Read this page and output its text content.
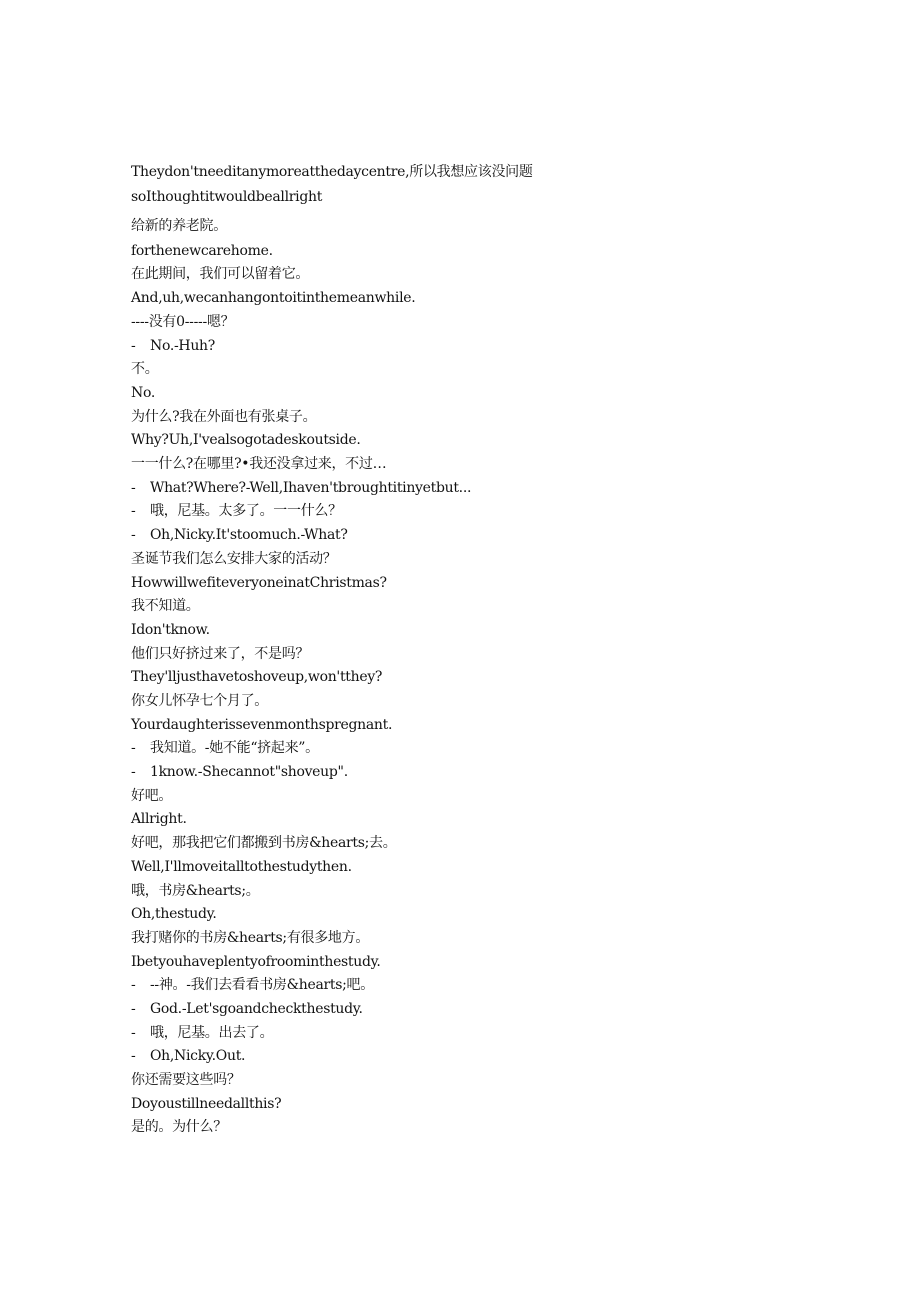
Theydon'tneeditanymoreatthedaycentre,所以我想应该没问题
soIthoughtitwouldbeallright
给新的养老院。
forthenewcarehome.
在此期间，我们可以留着它。
And,uh,wecanhangontoitinthemeanwhile.
----没有0-----嗯？
- No.-Huh?
不。
No.
为什么?我在外面也有张桌子。
Why?Uh,I'vealsogotadeskoutside.
一一什么?在哪里?•我还没拿过来，不过…
- What?Where?-Well,Ihaven'tbroughtitinyetbut...
- 哦，尼基。太多了。一一什么？
- Oh,Nicky.It'stoomuch.-What?
圣诞节我们怎么安排大家的活动？
HowwillwefiteveryoneinatChristmas?
我不知道。
Idon'tknow.
他们只好挤过来了，不是吗？
They'lljusthavetoshoveup,won'tthey?
你女儿怀孕七个月了。
Yourdaughterissevenmonthspregnant.
- 我知道。-她不能“挤起来”。
- 1know.-Shecannot"shoveup".
好吧。
Allright.
好吧，那我把它们都搬到书房&hearts;去。
Well,I'llmoveitalltothestudythen.
哦，书房&hearts;。
Oh,thestudy.
我打赌你的书房&hearts;有很多地方。
Ibetyouhaveplentyofroominthestudy.
- --神。-我们去看看书房&hearts;吧。
- God.-Let'sgoandcheckthestudy.
- 哦，尼基。出去了。
- Oh,Nicky.Out.
你还需要这些吗？
Doyoustillneedallthis?
是的。为什么？
